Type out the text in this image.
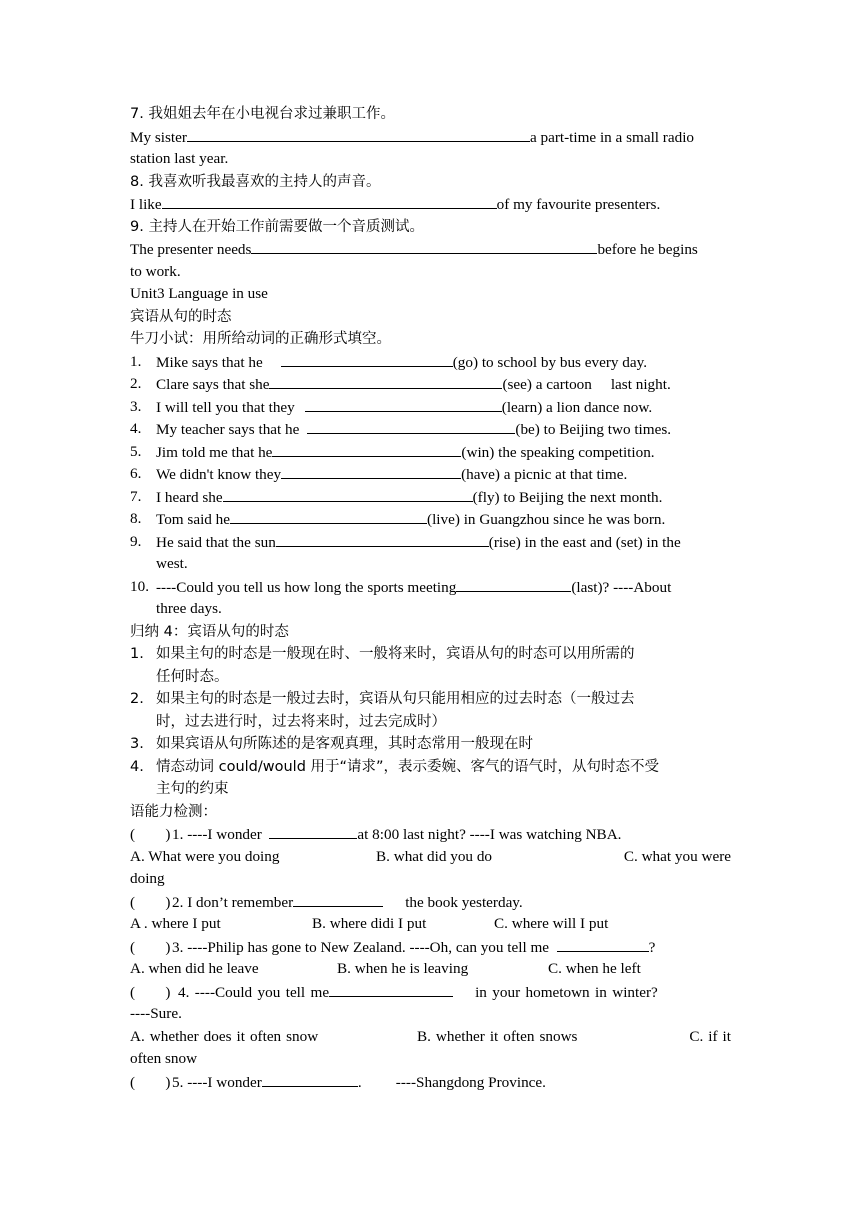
7. 我姐姐去年在小电视台求过兼职工作。
My sister	a part-time in a small radio
station last year.
8. 我喜欢听我最喜欢的主持人的声音。
I like	of my favourite presenters.
9. 主持人在开始工作前需要做一个音质测试。
The presenter needs	before he begins
to work.
Unit3 Language in use
宾语从句的时态
牛刀小试：用所给动词的正确形式填空。
1. Mike says that he	(go) to school by bus every day.
2. Clare says that she	(see) a cartoon　 last night.
3. I will tell you that they	(learn) a lion dance now.
4. My teacher says that he	(be) to Beijing two times.
5. Jim told me that he	(win) the speaking competition.
6. We didn't know they	(have) a picnic at that time.
7. I heard she	(fly) to Beijing the next month.
8. Tom said he	(live) in Guangzhou since he was born.
9. He said that the sun	(rise) in the east and (set) in the
west.
10. ----Could you tell us how long the sports meeting	(last)? ----About
three days.
归纳 4：宾语从句的时态
1. 如果主句的时态是一般现在时、一般将来时，宾语从句的时态可以用所需的
任何时态。
2. 如果主句的时态是一般过去时，宾语从句只能用相应的过去时态（一般过去
时，过去进行时，过去将来时，过去完成时）
3. 如果宾语从句所陈述的是客观真理，其时态常用一般现在时
4. 情态动词 could/would 用于“请求”，表示委婉、客气的语气时，从句时态不受
主句的约束
语能力检测：
(　　)1. ----I wonder	at 8:00 last night? ----I was watching NBA.
A. What were you doing	B. what did you do	C. what you were
doing
(　　)2. I don’t remember	the book yesterday.
A . where I put	B. where didi I put	C. where will I put
(　　)3. ----Philip has gone to New Zealand. ----Oh, can you tell me	?
A. when did he leave	B. when he is leaving	C. when he left
(　　) 4. ----Could you tell me	in your hometown in winter?
----Sure.
A. whether does it often snow	B. whether it often snows	C. if it
often snow
(　　)5. ----I wonder	.　　 ----Shangdong Province.
